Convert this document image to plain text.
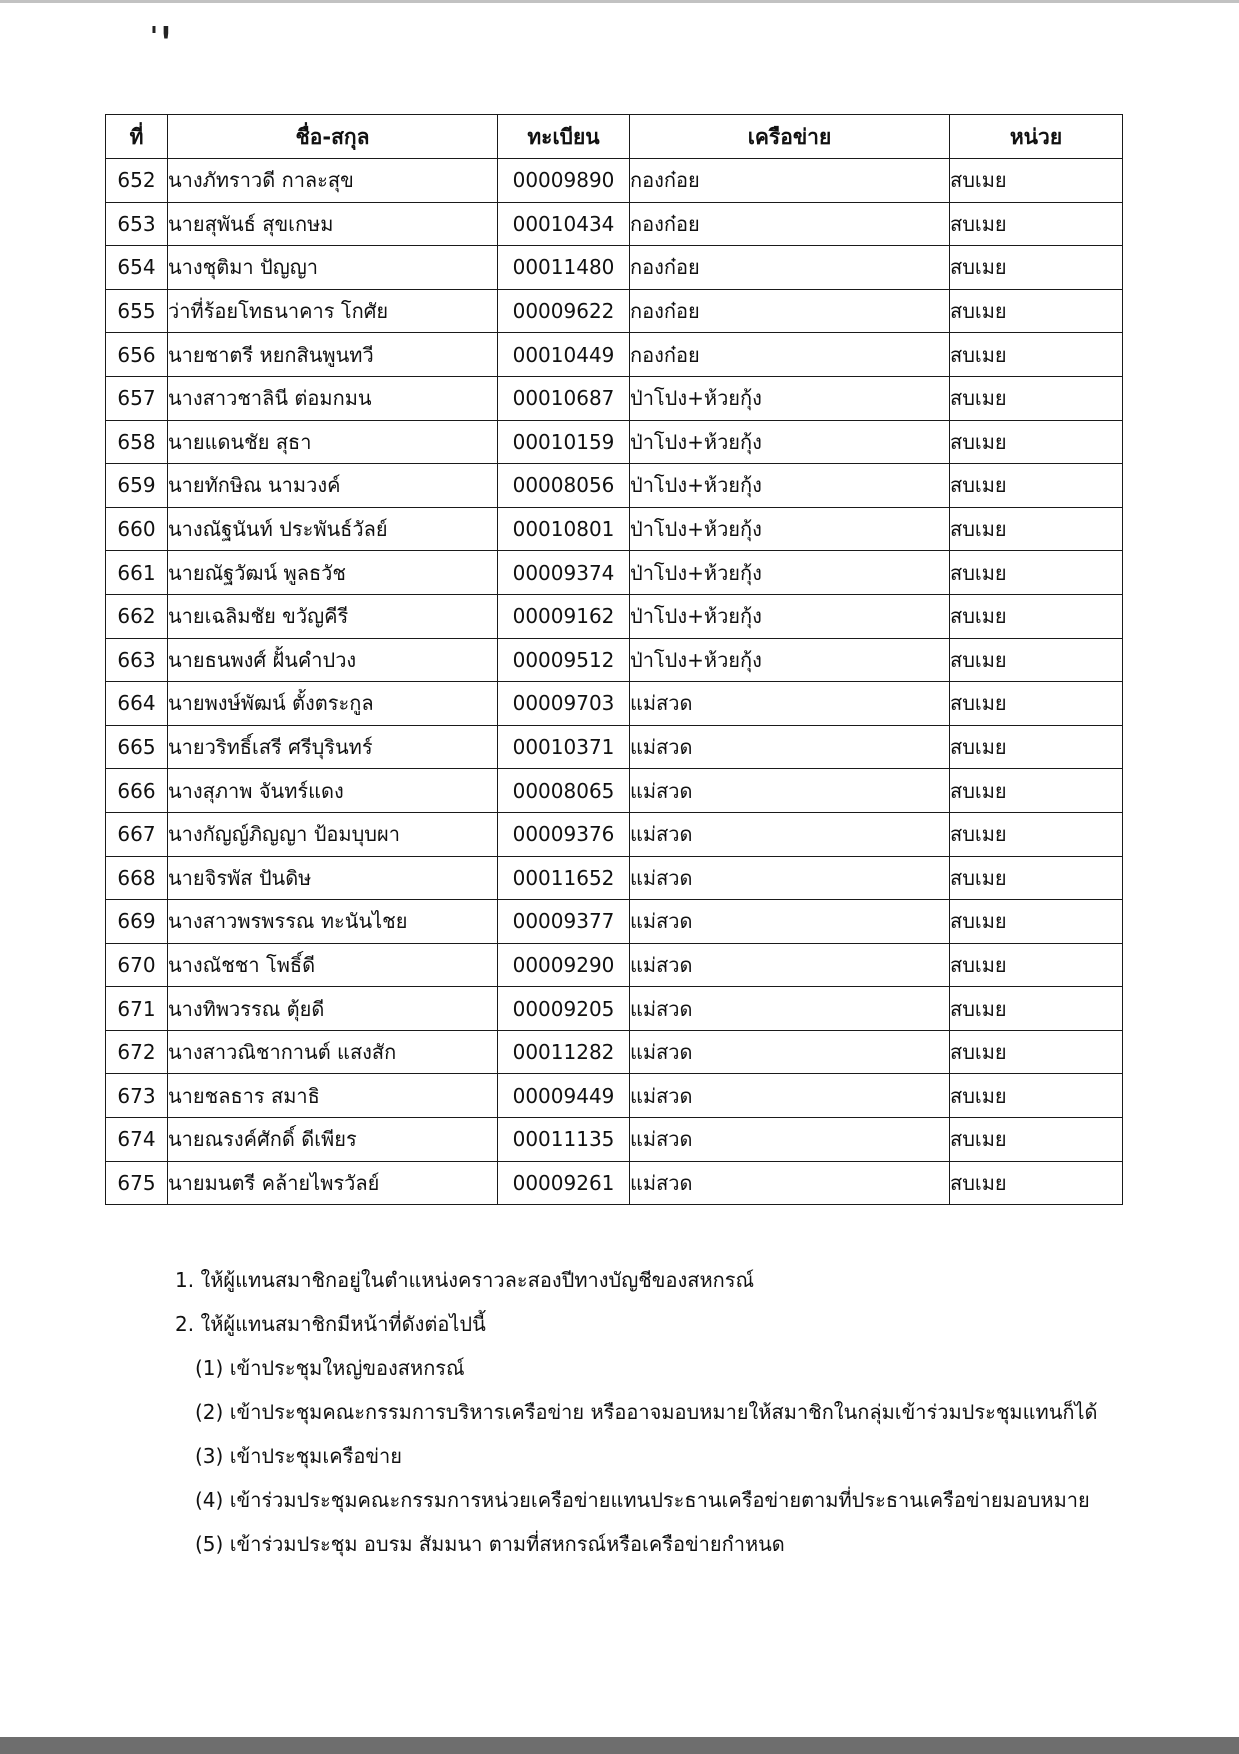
ꞌꞋ
ที่	ชื่อ-สกุล	ทะเบียน	เครือข่าย	หน่วย
652	นางภัทราวดี กาละสุข	00009890	กองก๋อย	สบเมย
653	นายสุพันธ์ สุขเกษม	00010434	กองก๋อย	สบเมย
654	นางชุติมา ปัญญา	00011480	กองก๋อย	สบเมย
655	ว่าที่ร้อยโทธนาคาร โกศัย	00009622	กองก๋อย	สบเมย
656	นายชาตรี หยกสินพูนทวี	00010449	กองก๋อย	สบเมย
657	นางสาวชาลินี ต่อมกมน	00010687	ป่าโปง+ห้วยกุ้ง	สบเมย
658	นายแดนชัย สุธา	00010159	ป่าโปง+ห้วยกุ้ง	สบเมย
659	นายทักษิณ นามวงค์	00008056	ป่าโปง+ห้วยกุ้ง	สบเมย
660	นางณัฐนันท์ ประพันธ์วัลย์	00010801	ป่าโปง+ห้วยกุ้ง	สบเมย
661	นายณัฐวัฒน์ พูลธวัช	00009374	ป่าโปง+ห้วยกุ้ง	สบเมย
662	นายเฉลิมชัย ขวัญคีรี	00009162	ป่าโปง+ห้วยกุ้ง	สบเมย
663	นายธนพงศ์ ฝั้นคำปวง	00009512	ป่าโปง+ห้วยกุ้ง	สบเมย
664	นายพงษ์พัฒน์ ตั้งตระกูล	00009703	แม่สวด	สบเมย
665	นายวริทธิ์เสรี ศรีบุรินทร์	00010371	แม่สวด	สบเมย
666	นางสุภาพ จันทร์แดง	00008065	แม่สวด	สบเมย
667	นางกัญญ์ภิญญา ป้อมบุบผา	00009376	แม่สวด	สบเมย
668	นายจิรพัส ปันดิษ	00011652	แม่สวด	สบเมย
669	นางสาวพรพรรณ ทะนันไชย	00009377	แม่สวด	สบเมย
670	นางณัชชา โพธิ์ดี	00009290	แม่สวด	สบเมย
671	นางทิพวรรณ ตุ้ยดี	00009205	แม่สวด	สบเมย
672	นางสาวณิชากานต์ แสงสัก	00011282	แม่สวด	สบเมย
673	นายชลธาร สมาธิ	00009449	แม่สวด	สบเมย
674	นายณรงค์ศักดิ์ ดีเพียร	00011135	แม่สวด	สบเมย
675	นายมนตรี คล้ายไพรวัลย์	00009261	แม่สวด	สบเมย
1. ให้ผู้แทนสมาชิกอยู่ในตำแหน่งคราวละสองปีทางบัญชีของสหกรณ์
2. ให้ผู้แทนสมาชิกมีหน้าที่ดังต่อไปนี้
(1) เข้าประชุมใหญ่ของสหกรณ์
(2) เข้าประชุมคณะกรรมการบริหารเครือข่าย หรืออาจมอบหมายให้สมาชิกในกลุ่มเข้าร่วมประชุมแทนก็ได้
(3) เข้าประชุมเครือข่าย
(4) เข้าร่วมประชุมคณะกรรมการหน่วยเครือข่ายแทนประธานเครือข่ายตามที่ประธานเครือข่ายมอบหมาย
(5) เข้าร่วมประชุม อบรม สัมมนา ตามที่สหกรณ์หรือเครือข่ายกำหนด
